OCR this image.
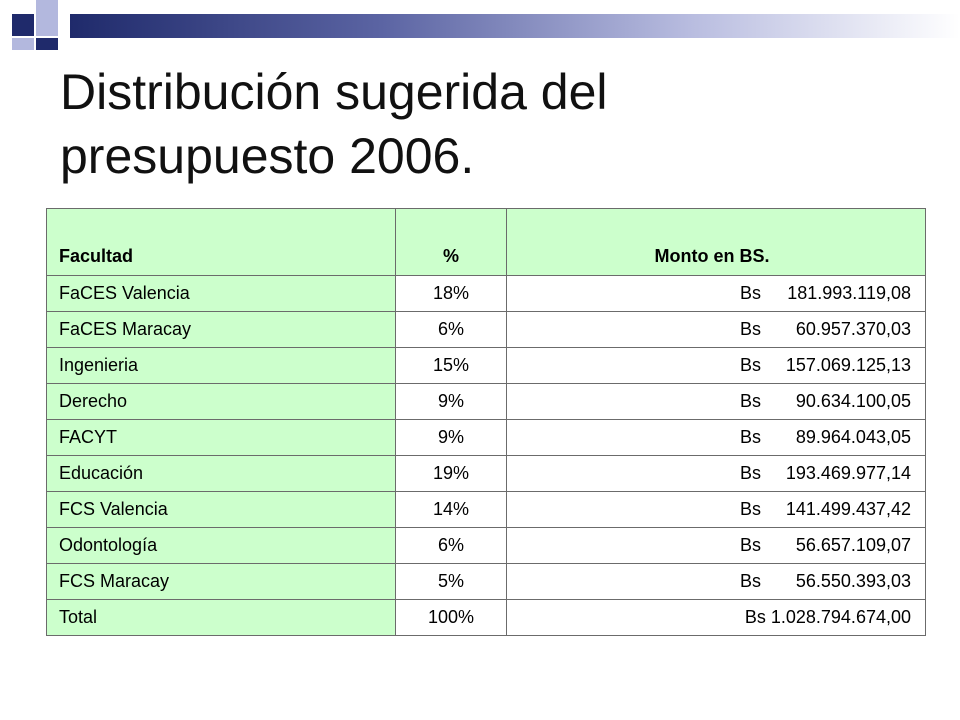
Distribución sugerida del
presupuesto 2006.
Facultad	%	Monto en BS.
FaCES Valencia	18%	Bs 181.993.119,08
FaCES Maracay	6%	Bs 60.957.370,03
Ingenieria	15%	Bs 157.069.125,13
Derecho	9%	Bs 90.634.100,05
FACYT	9%	Bs 89.964.043,05
Educación	19%	Bs 193.469.977,14
FCS Valencia	14%	Bs 141.499.437,42
Odontología	6%	Bs 56.657.109,07
FCS Maracay	5%	Bs 56.550.393,03
Total	100%	Bs 1.028.794.674,00
